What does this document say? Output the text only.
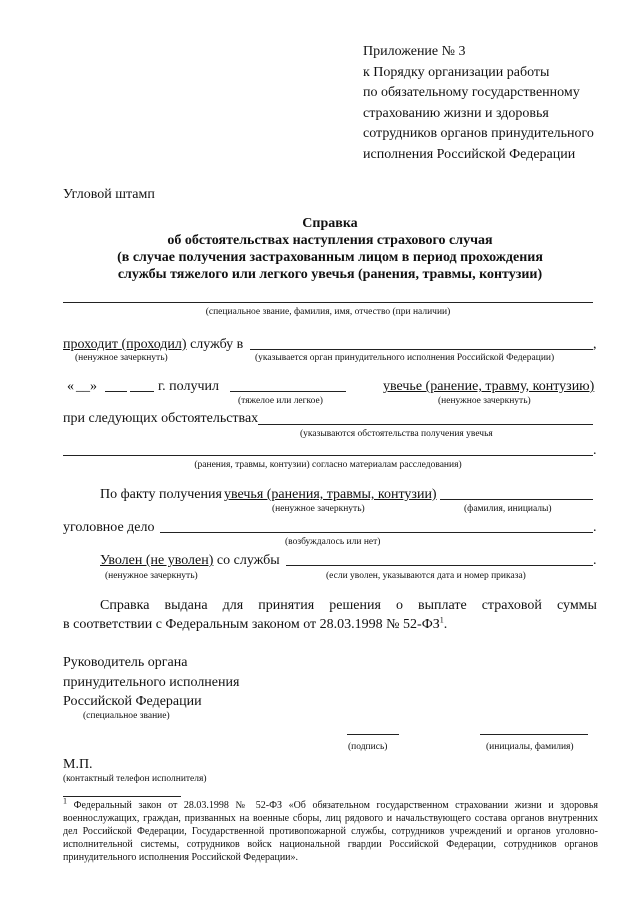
Приложение № 3
к Порядку организации работы
по обязательному государственному
страхованию жизни и здоровья
сотрудников органов принудительного
исполнения Российской Федерации
Угловой штамп
Справка
об обстоятельствах наступления страхового случая
(в случае получения застрахованным лицом в период прохождения
службы тяжелого или легкого увечья (ранения, травмы, контузии)
(специальное звание, фамилия, имя, отчество (при наличии)
проходит (проходил) службу в	,
(ненужное зачеркнуть)	(указывается орган принудительного исполнения Российской Федерации)
« __ »	г. получил	увечье (ранение, травму, контузию)
(тяжелое или легкое)	(ненужное зачеркнуть)
при следующих обстоятельствах
(указываются обстоятельства получения увечья
.
(ранения, травмы, контузии) согласно материалам расследования)
По факту получения увечья (ранения, травмы, контузии)
(ненужное зачеркнуть)	(фамилия, инициалы)
уголовное дело	.
(возбуждалось или нет)
Уволен (не уволен) со службы	.
(ненужное зачеркнуть)	(если уволен, указываются дата и номер приказа)
Справка выдана для принятия решения о выплате страховой суммы
в соответствии с Федеральным законом от 28.03.1998 № $52-ФЗ^1$.
Руководитель органа
принудительного исполнения
Российской Федерации
(специальное звание)
(подпись)	(инициалы, фамилия)
М.П.
(контактный телефон исполнителя)
$^1$ Федеральный закон от 28.03.1998 № 52-ФЗ «Об обязательном государственном страховании жизни и здоровья военнослужащих, граждан, призванных на военные сборы, лиц рядового и начальствующего состава органов внутренних дел Российской Федерации, Государственной противопожарной службы, сотрудников учреждений и органов уголовно-исполнительной системы, сотрудников войск национальной гвардии Российской Федерации, сотрудников органов принудительного исполнения Российской Федерации».
